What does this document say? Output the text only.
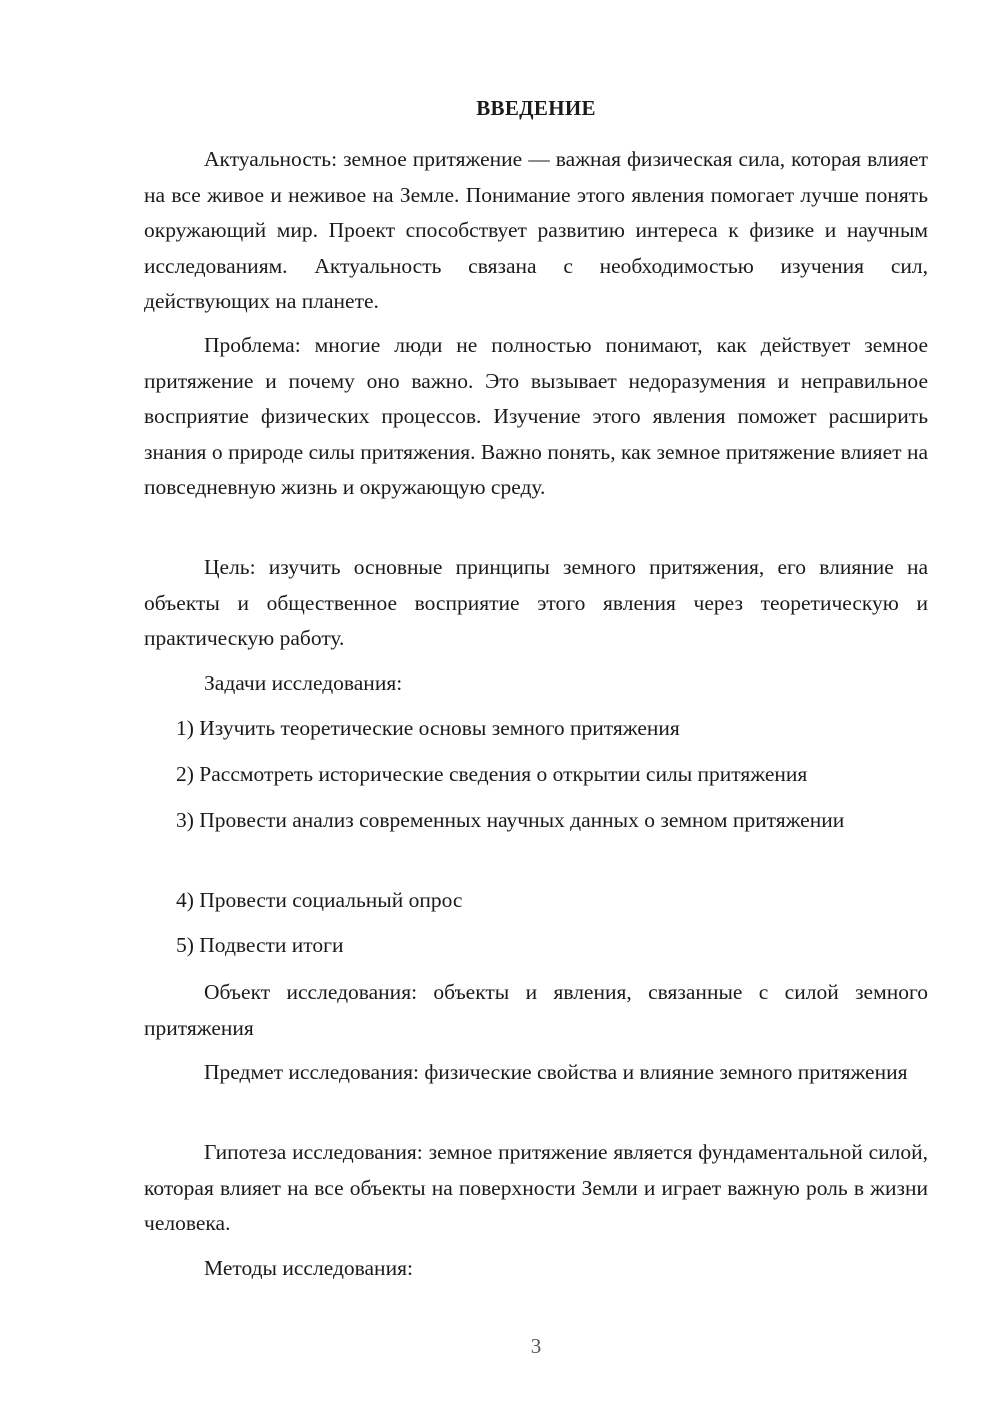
ВВЕДЕНИЕ

Актуальность: земное притяжение — важная физическая сила, которая влияет на все живое и неживое на Земле. Понимание этого явления помогает лучше понять окружающий мир. Проект способствует развитию интереса к физике и научным исследованиям. Актуальность связана с необходимостью изучения сил, действующих на планете.

Проблема: многие люди не полностью понимают, как действует земное притяжение и почему оно важно. Это вызывает недоразумения и неправильное восприятие физических процессов. Изучение этого явления поможет расширить знания о природе силы притяжения. Важно понять, как земное притяжение влияет на повседневную жизнь и окружающую среду.

Цель: изучить основные принципы земного притяжения, его влияние на объекты и общественное восприятие этого явления через теоретическую и практическую работу.

Задачи исследования:

1) Изучить теоретические основы земного притяжения

2) Рассмотреть исторические сведения о открытии силы притяжения

3) Провести анализ современных научных данных о земном притяжении

4) Провести социальный опрос

5) Подвести итоги

Объект исследования: объекты и явления, связанные с силой земного притяжения

Предмет исследования: физические свойства и влияние земного притяжения

Гипотеза исследования: земное притяжение является фундаментальной силой, которая влияет на все объекты на поверхности Земли и играет важную роль в жизни человека.

Методы исследования:

3
